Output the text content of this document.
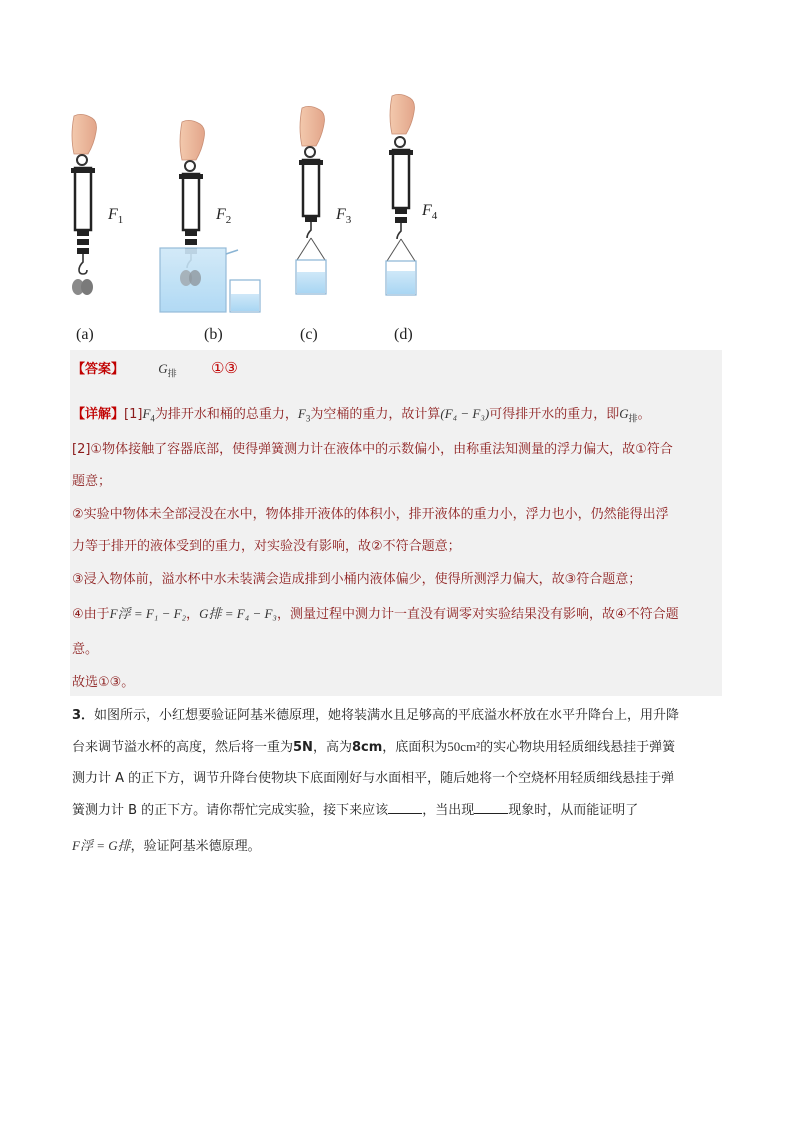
$F_1$	$F_2$	$F_3$
$F_4$
(a)	(b)	(c)	(d)
【答案】	$G_排$ ①③
【详解】$[1]F_4$为排开水和桶的总重力，$F_3$为空桶的重力，故计算(F₄ − F₃)可得排开水的重力，即$G_排$。
[2]①物体接触了容器底部，使得弹簧测力计在液体中的示数偏小，由称重法知测量的浮力偏大，故①符合
题意；
②实验中物体未全部浸没在水中，物体排开液体的体积小，排开液体的重力小，浮力也小，仍然能得出浮
力等于排开的液体受到的重力，对实验没有影响，故②不符合题意；
③浸入物体前，溢水杯中水未装满会造成排到小桶内液体偏少，使得所测浮力偏大，故③符合题意；
④由于F浮 = F₁ − F₂，G排 = F₄ − F₃，测量过程中测力计一直没有调零对实验结果没有影响，故④不符合题
意。
故选①③。
3．如图所示，小红想要验证阿基米德原理，她将装满水且足够高的平底溢水杯放在水平升降台上，用升降
台来调节溢水杯的高度，然后将一重为5N，高为8cm，底面积为50cm²的实心物块用轻质细线悬挂于弹簧
测力计 A 的正下方，调节升降台使物块下底面刚好与水面相平，随后她将一个空烧杯用轻质细线悬挂于弹
簧测力计 B 的正下方。请你帮忙完成实验，接下来应该	，当出现	现象时，从而能证明了
F浮 = G排，验证阿基米德原理。
